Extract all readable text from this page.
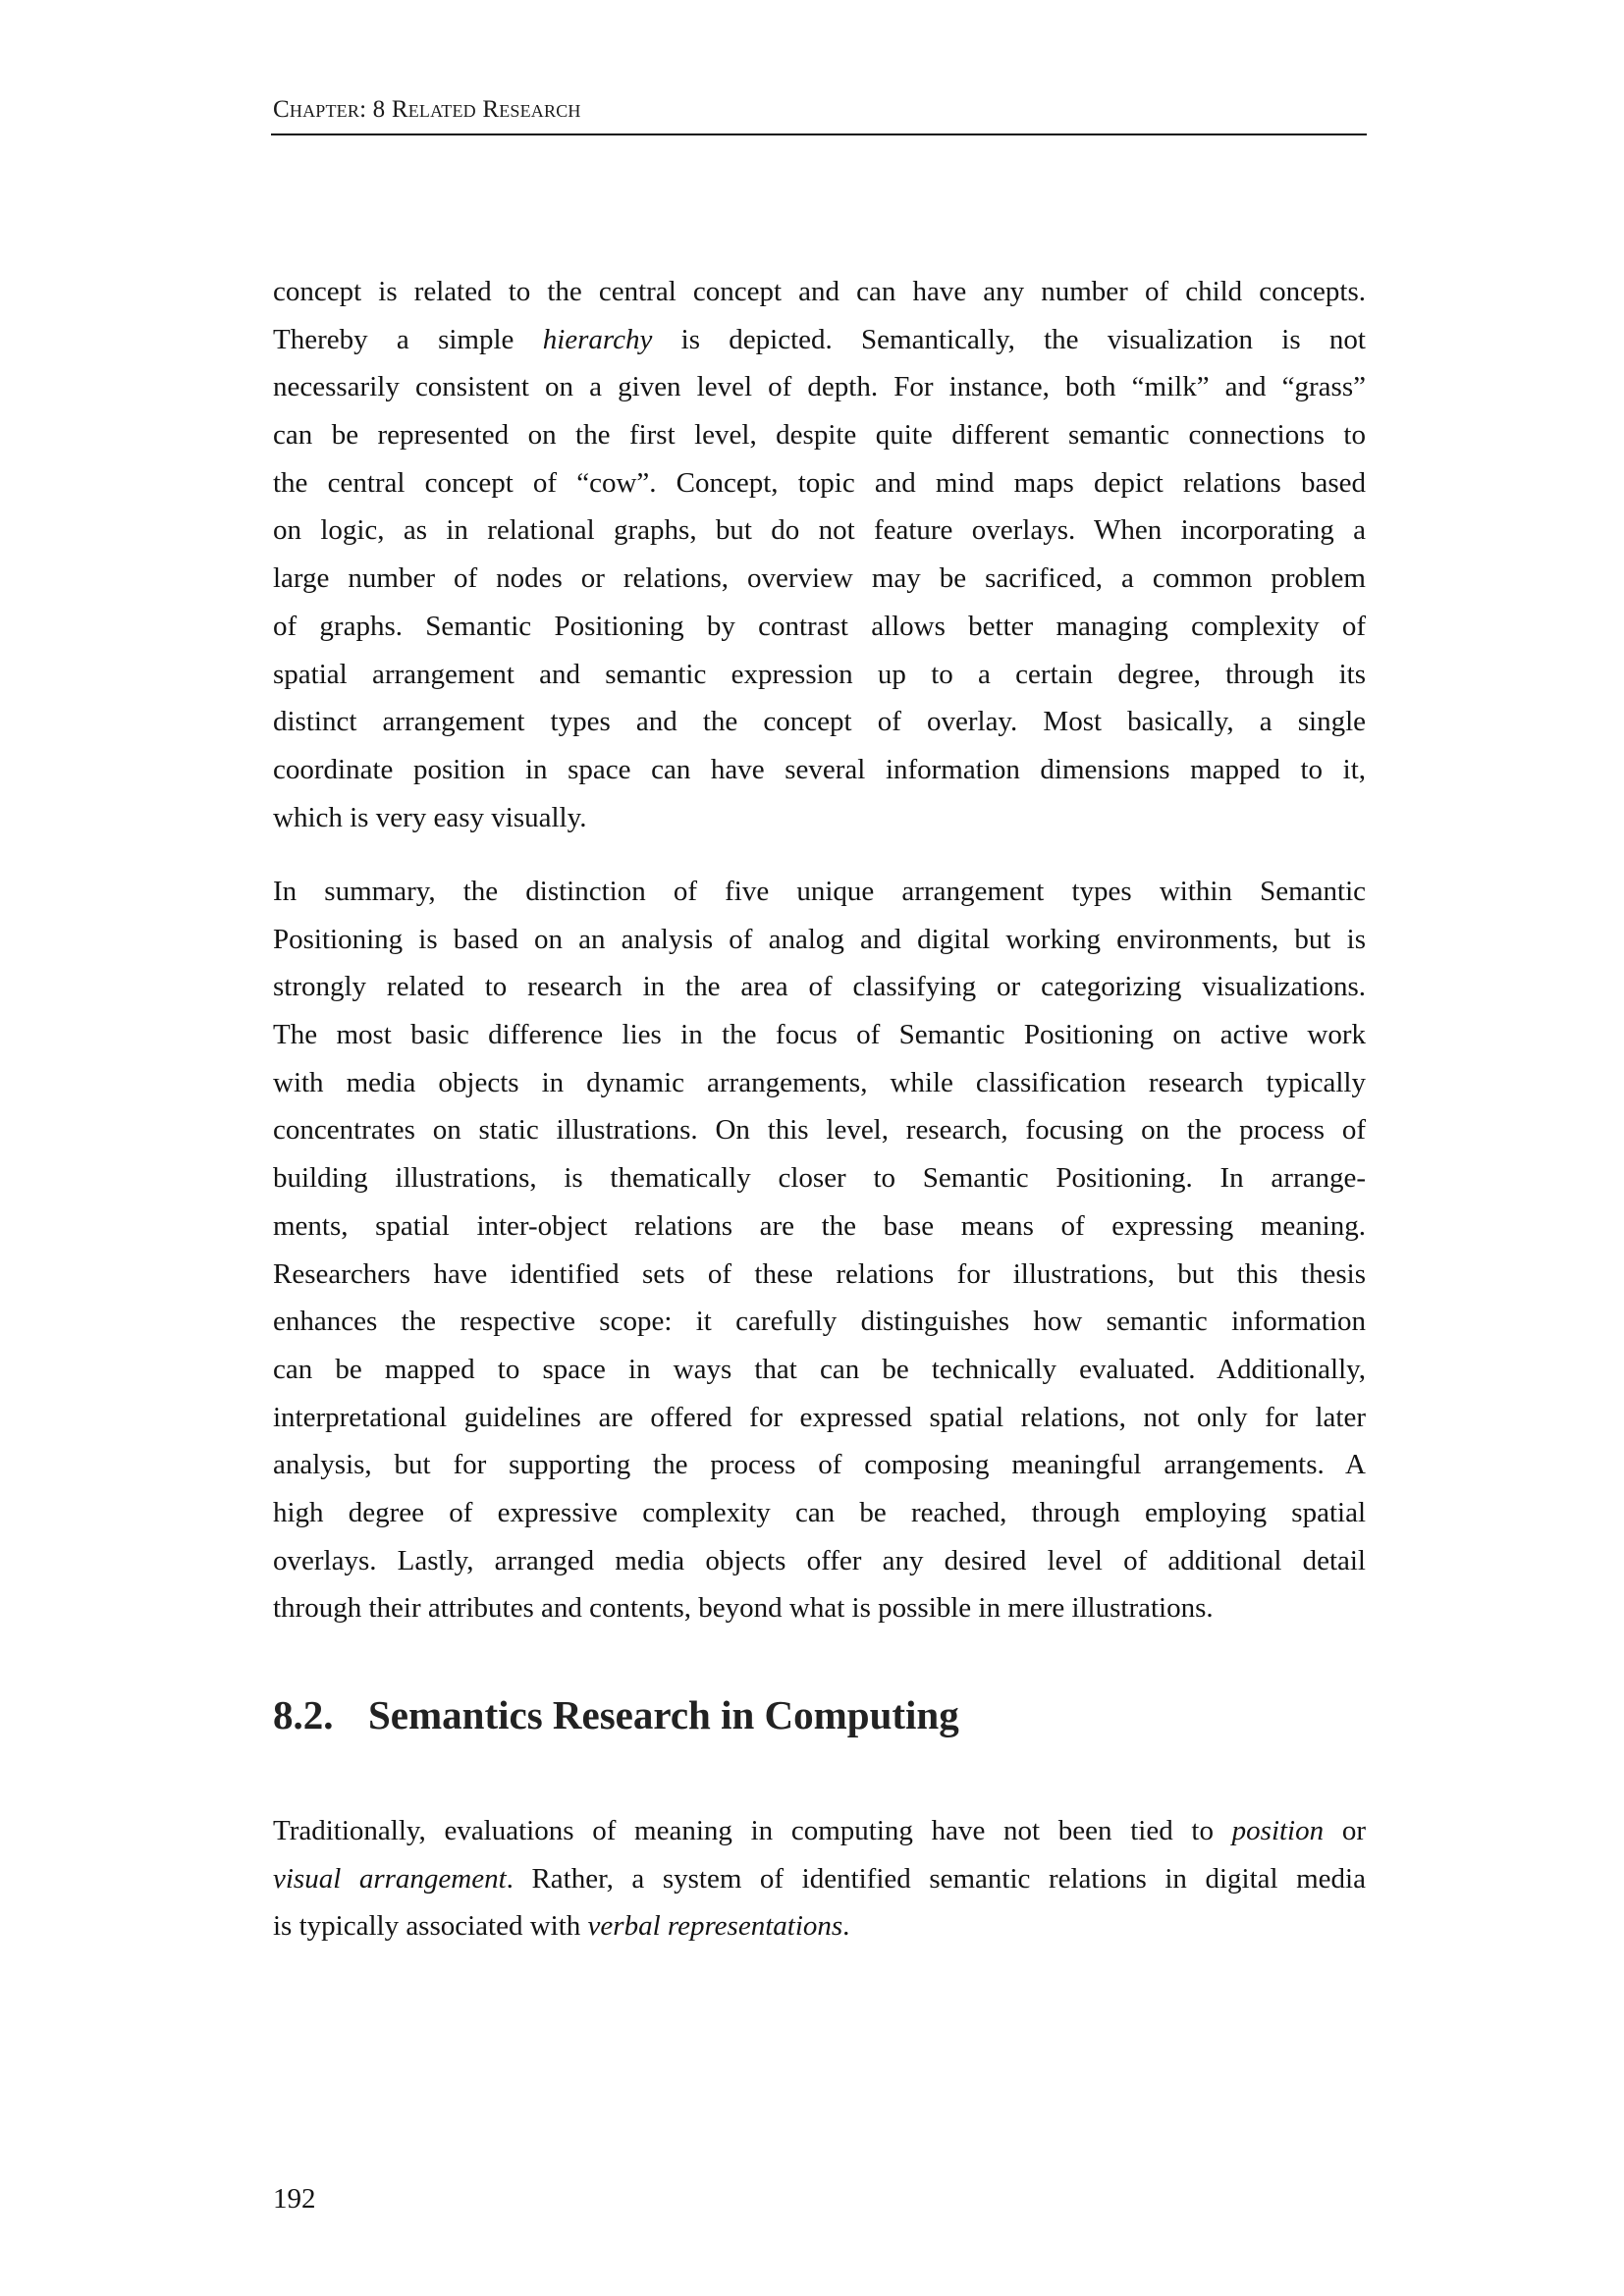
Chapter: 8 Related Research
concept is related to the central concept and can have any number of child concepts.
Thereby a simple hierarchy is depicted. Semantically, the visualization is not
necessarily consistent on a given level of depth. For instance, both “milk” and “grass”
can be represented on the first level, despite quite different semantic connections to
the central concept of “cow”. Concept, topic and mind maps depict relations based
on logic, as in relational graphs, but do not feature overlays. When incorporating a
large number of nodes or relations, overview may be sacrificed, a common problem
of graphs. Semantic Positioning by contrast allows better managing complexity of
spatial arrangement and semantic expression up to a certain degree, through its
distinct arrangement types and the concept of overlay. Most basically, a single
coordinate position in space can have several information dimensions mapped to it,
which is very easy visually.
In summary, the distinction of five unique arrangement types within Semantic
Positioning is based on an analysis of analog and digital working environments, but is
strongly related to research in the area of classifying or categorizing visualizations.
The most basic difference lies in the focus of Semantic Positioning on active work
with media objects in dynamic arrangements, while classification research typically
concentrates on static illustrations. On this level, research, focusing on the process of
building illustrations, is thematically closer to Semantic Positioning. In arrange-
ments, spatial inter-object relations are the base means of expressing meaning.
Researchers have identified sets of these relations for illustrations, but this thesis
enhances the respective scope: it carefully distinguishes how semantic information
can be mapped to space in ways that can be technically evaluated. Additionally,
interpretational guidelines are offered for expressed spatial relations, not only for later
analysis, but for supporting the process of composing meaningful arrangements. A
high degree of expressive complexity can be reached, through employing spatial
overlays. Lastly, arranged media objects offer any desired level of additional detail
through their attributes and contents, beyond what is possible in mere illustrations.
8.2. Semantics Research in Computing
Traditionally, evaluations of meaning in computing have not been tied to position or
visual arrangement. Rather, a system of identified semantic relations in digital media
is typically associated with verbal representations.
192
